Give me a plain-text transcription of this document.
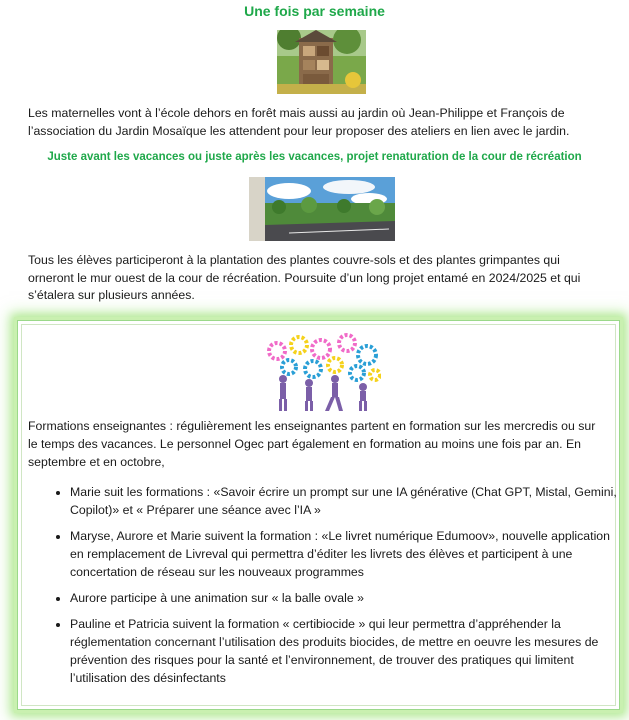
Une fois par semaine
Les maternelles vont à l’école dehors en forêt mais aussi au jardin où Jean-Philippe et François de l’association du Jardin Mosaïque les attendent pour leur proposer des ateliers en lien avec le jardin.
Juste avant les vacances ou juste après les vacances, projet renaturation de la cour de récréation
Tous les élèves participeront à la plantation des plantes couvre-sols et des plantes grimpantes qui orneront le mur ouest de la cour de récréation. Poursuite d’un long projet entamé en 2024/2025 et qui s’étalera sur plusieurs années.
Formations enseignantes : régulièrement les enseignantes partent en formation sur les mercredis ou sur le temps des vacances. Le personnel Ogec part également en formation au moins une fois par an. En septembre et en octobre,
• Marie suit les formations : «Savoir écrire un prompt sur une IA générative (Chat GPT, Mistal, Gemini, Copilot)» et « Préparer une séance avec l’IA »
• Maryse, Aurore et Marie suivent la formation : «Le livret numérique Edumoov», nouvelle application en remplacement de Livreval qui permettra d’éditer les livrets des élèves et participent à une concertation de réseau sur les nouveaux programmes
• Aurore participe à une animation sur « la balle ovale »
• Pauline et Patricia suivent la formation « certibiocide » qui leur permettra d’appréhender la réglementation concernant l’utilisation des produits biocides, de mettre en oeuvre les mesures de prévention des risques pour la santé et l’environnement, de trouver des pratiques qui limitent l’utilisation des désinfectants
